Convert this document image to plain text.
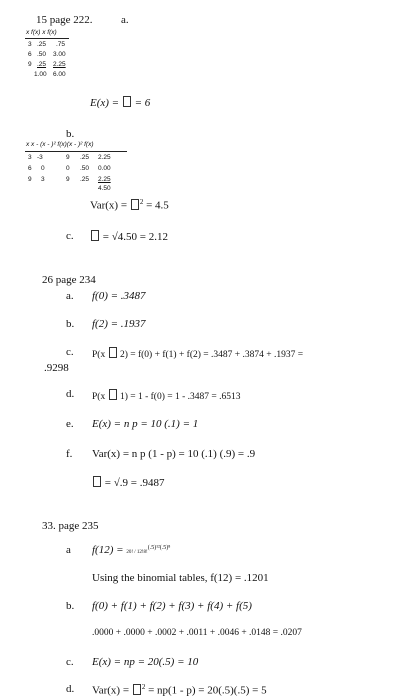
15 page 222.	a.
x f(x) x f(x)
3 .25 .75
6 .50 3.00
9 .25 2.25
1.00 6.00
E(x) =  = 6
b.
x x - (x - )² f(x)(x - )² f(x)
3 -3	9 .25 2.25
6 0	0 .50 0.00
9 3	9 .25 2.25
4.50
Var(x) = $^2$ = 4.5
c.	= √4.50 = 2.12
26 page 234
a. f(0) = .3487
b. f(2) = .1937
c. P(x  2) = f(0) + f(1) + f(2) = .3487 + .3874 + .1937 =
.9298
d. P(x  1) = 1 - f(0) = 1 - .3487 = .6513
e. E(x) = n p = 10 (.1) = 1
f. Var(x) = n p (1 - p) = 10 (.1) (.9) = .9
= √.9 = .9487
33. page 235
a f(12) = 20! / 12!8!$^{(.5)^{12}(.5)^8}$
Using the binomial tables, f(12) = .1201
b. f(0) + f(1) + f(2) + f(3) + f(4) + f(5)
.0000 + .0000 + .0002 + .0011 + .0046 + .0148 = .0207
c. E(x) = np = 20(.5) = 10
d. Var(x) = $^2$ = np(1 - p) = 20(.5)(.5) = 5
